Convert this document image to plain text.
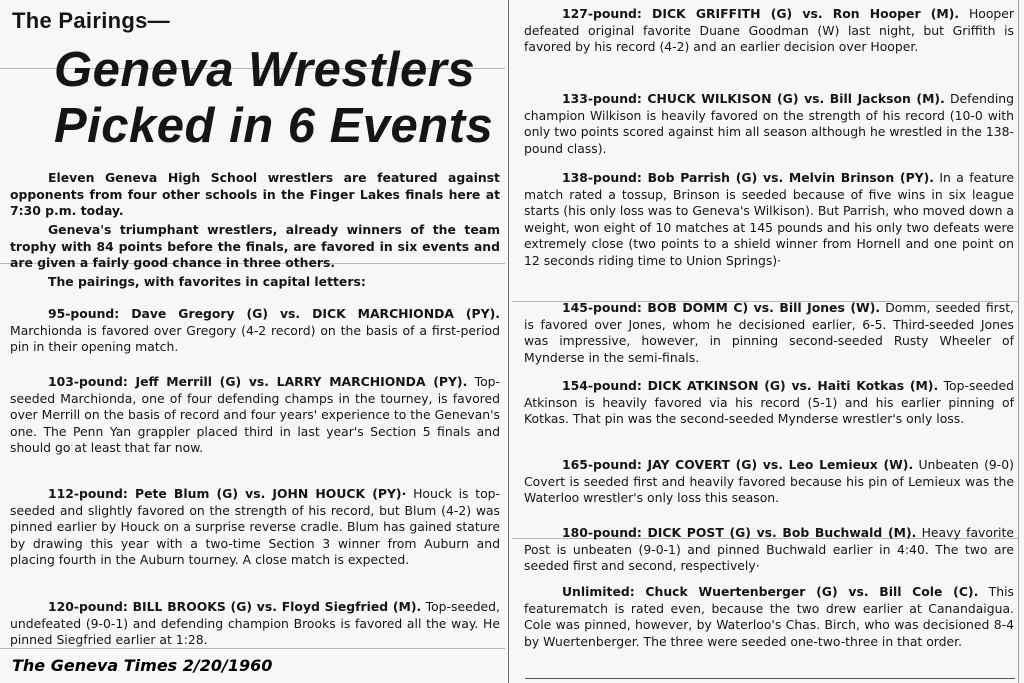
The Pairings—
Geneva Wrestlers
Picked in 6 Events
Eleven Geneva High School wrestlers are featured against opponents from four other schools in the Finger Lakes finals here at 7:30 p.m. today.
Geneva's triumphant wrestlers, already winners of the team trophy with 84 points before the finals, are favored in six events and are given a fairly good chance in three others.
The pairings, with favorites in capital letters:
95-pound: Dave Gregory (G) vs. DICK MARCHIONDA (PY). Marchionda is favored over Gregory (4-2 record) on the basis of a first-period pin in their opening match.
103-pound: Jeff Merrill (G) vs. LARRY MARCHIONDA (PY). Top-seeded Marchionda, one of four defending champs in the tourney, is favored over Merrill on the basis of record and four years' experience to the Genevan's one. The Penn Yan grappler placed third in last year's Section 5 finals and should go at least that far now.
112-pound: Pete Blum (G) vs. JOHN HOUCK (PY)· Houck is top-seeded and slightly favored on the strength of his record, but Blum (4-2) was pinned earlier by Houck on a surprise reverse cradle. Blum has gained stature by drawing this year with a two-time Section 3 winner from Auburn and placing fourth in the Auburn tourney. A close match is expected.
120-pound: BILL BROOKS (G) vs. Floyd Siegfried (M). Top-seeded, undefeated (9-0-1) and defending champion Brooks is favored all the way. He pinned Siegfried earlier at 1:28.
127-pound: DICK GRIFFITH (G) vs. Ron Hooper (M). Hooper defeated original favorite Duane Goodman (W) last night, but Griffith is favored by his record (4-2) and an earlier decision over Hooper.
133-pound: CHUCK WILKISON (G) vs. Bill Jackson (M). Defending champion Wilkison is heavily favored on the strength of his record (10-0 with only two points scored against him all season although he wrestled in the 138-pound class).
138-pound: Bob Parrish (G) vs. Melvin Brinson (PY). In a feature match rated a tossup, Brinson is seeded because of five wins in six league starts (his only loss was to Geneva's Wilkison). But Parrish, who moved down a weight, won eight of 10 matches at 145 pounds and his only two defeats were extremely close (two points to a shield winner from Hornell and one point on 12 seconds riding time to Union Springs)·
145-pound: BOB DOMM C) vs. Bill Jones (W). Domm, seeded first, is favored over Jones, whom he decisioned earlier, 6-5. Third-seeded Jones was impressive, however, in pinning second-seeded Rusty Wheeler of Mynderse in the semi-finals.
154-pound: DICK ATKINSON (G) vs. Haiti Kotkas (M). Top-seeded Atkinson is heavily favored via his record (5-1) and his earlier pinning of Kotkas. That pin was the second-seeded Mynderse wrestler's only loss.
165-pound: JAY COVERT (G) vs. Leo Lemieux (W). Unbeaten (9-0) Covert is seeded first and heavily favored because his pin of Lemieux was the Waterloo wrestler's only loss this season.
180-pound: DICK POST (G) vs. Bob Buchwald (M). Heavy favorite Post is unbeaten (9-0-1) and pinned Buchwald earlier in 4:40. The two are seeded first and second, respectively·
Unlimited: Chuck Wuertenberger (G) vs. Bill Cole (C). This featurematch is rated even, because the two drew earlier at Canandaigua. Cole was pinned, however, by Waterloo's Chas. Birch, who was decisioned 8-4 by Wuertenberger. The three were seeded one-two-three in that order.
The Geneva Times 2/20/1960
